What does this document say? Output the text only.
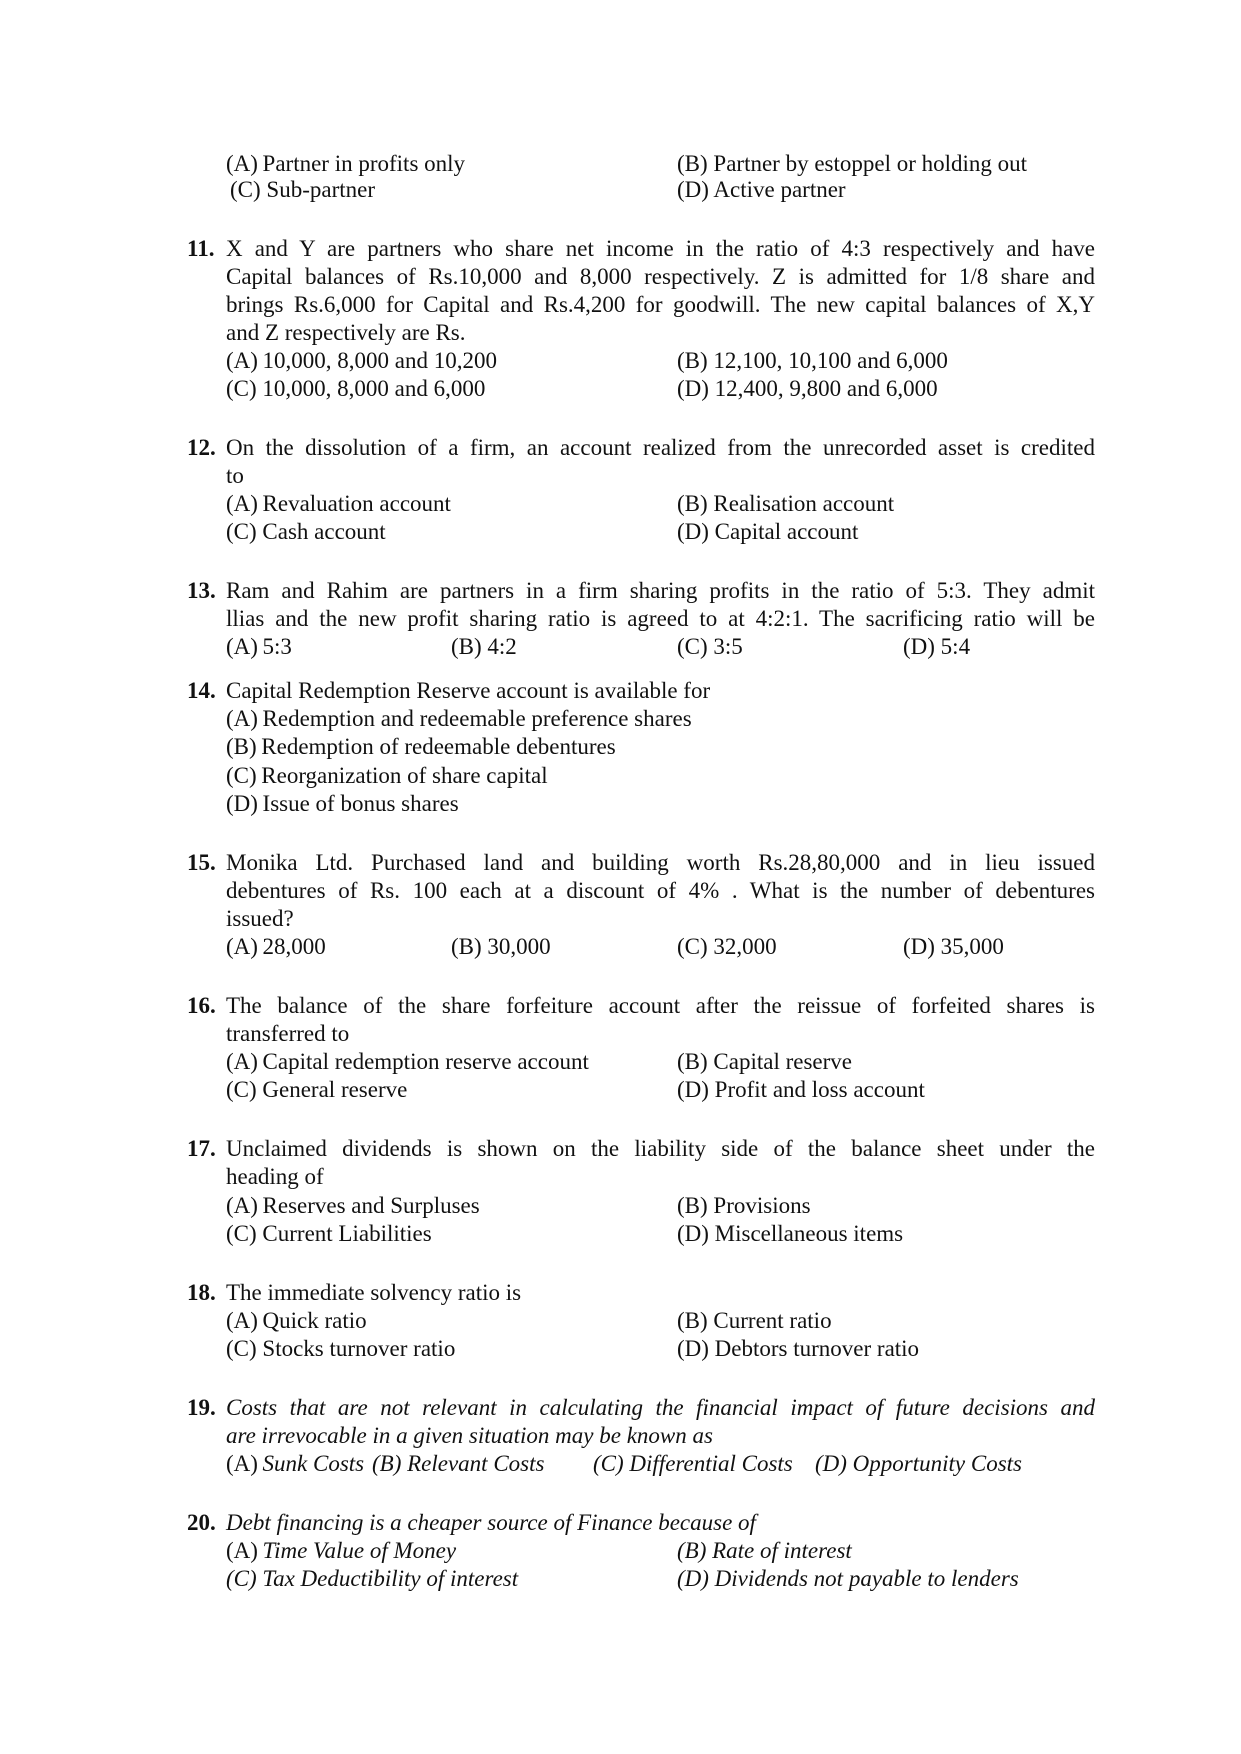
(A) Partner in profits only	(B) Partner by estoppel or holding out
(C) Sub-partner	(D) Active partner
11. X and Y are partners who share net income in the ratio of 4:3 respectively and have
Capital balances of Rs.10,000 and 8,000 respectively. Z is admitted for 1/8 share and
brings Rs.6,000 for Capital and Rs.4,200 for goodwill. The new capital balances of X,Y
and Z respectively are Rs.
(A) 10,000, 8,000 and 10,200	(B) 12,100, 10,100 and 6,000
(C) 10,000, 8,000 and 6,000	(D) 12,400, 9,800 and 6,000
12. On the dissolution of a firm, an account realized from the unrecorded asset is credited
to
(A) Revaluation account	(B) Realisation account
(C) Cash account	(D) Capital account
13. Ram and Rahim are partners in a firm sharing profits in the ratio of 5:3. They admit
llias and the new profit sharing ratio is agreed to at 4:2:1. The sacrificing ratio will be
(A) 5:3	(B) 4:2	(C) 3:5	(D) 5:4
14. Capital Redemption Reserve account is available for
(A) Redemption and redeemable preference shares
(B) Redemption of redeemable debentures
(C) Reorganization of share capital
(D) Issue of bonus shares
15. Monika Ltd. Purchased land and building worth Rs.28,80,000 and in lieu issued
debentures of Rs. 100 each at a discount of 4% . What is the number of debentures
issued?
(A) 28,000	(B) 30,000	(C) 32,000	(D) 35,000
16. The balance of the share forfeiture account after the reissue of forfeited shares is
transferred to
(A) Capital redemption reserve account	(B) Capital reserve
(C) General reserve	(D) Profit and loss account
17. Unclaimed dividends is shown on the liability side of the balance sheet under the
heading of
(A) Reserves and Surpluses	(B) Provisions
(C) Current Liabilities	(D) Miscellaneous items
18. The immediate solvency ratio is
(A) Quick ratio	(B) Current ratio
(C) Stocks turnover ratio	(D) Debtors turnover ratio
19. Costs that are not relevant in calculating the financial impact of future decisions and
are irrevocable in a given situation may be known as
(A) Sunk Costs (B) Relevant Costs (C) Differential Costs (D) Opportunity Costs
20. Debt financing is a cheaper source of Finance because of
(A) Time Value of Money	(B) Rate of interest
(C) Tax Deductibility of interest	(D) Dividends not payable to lenders
